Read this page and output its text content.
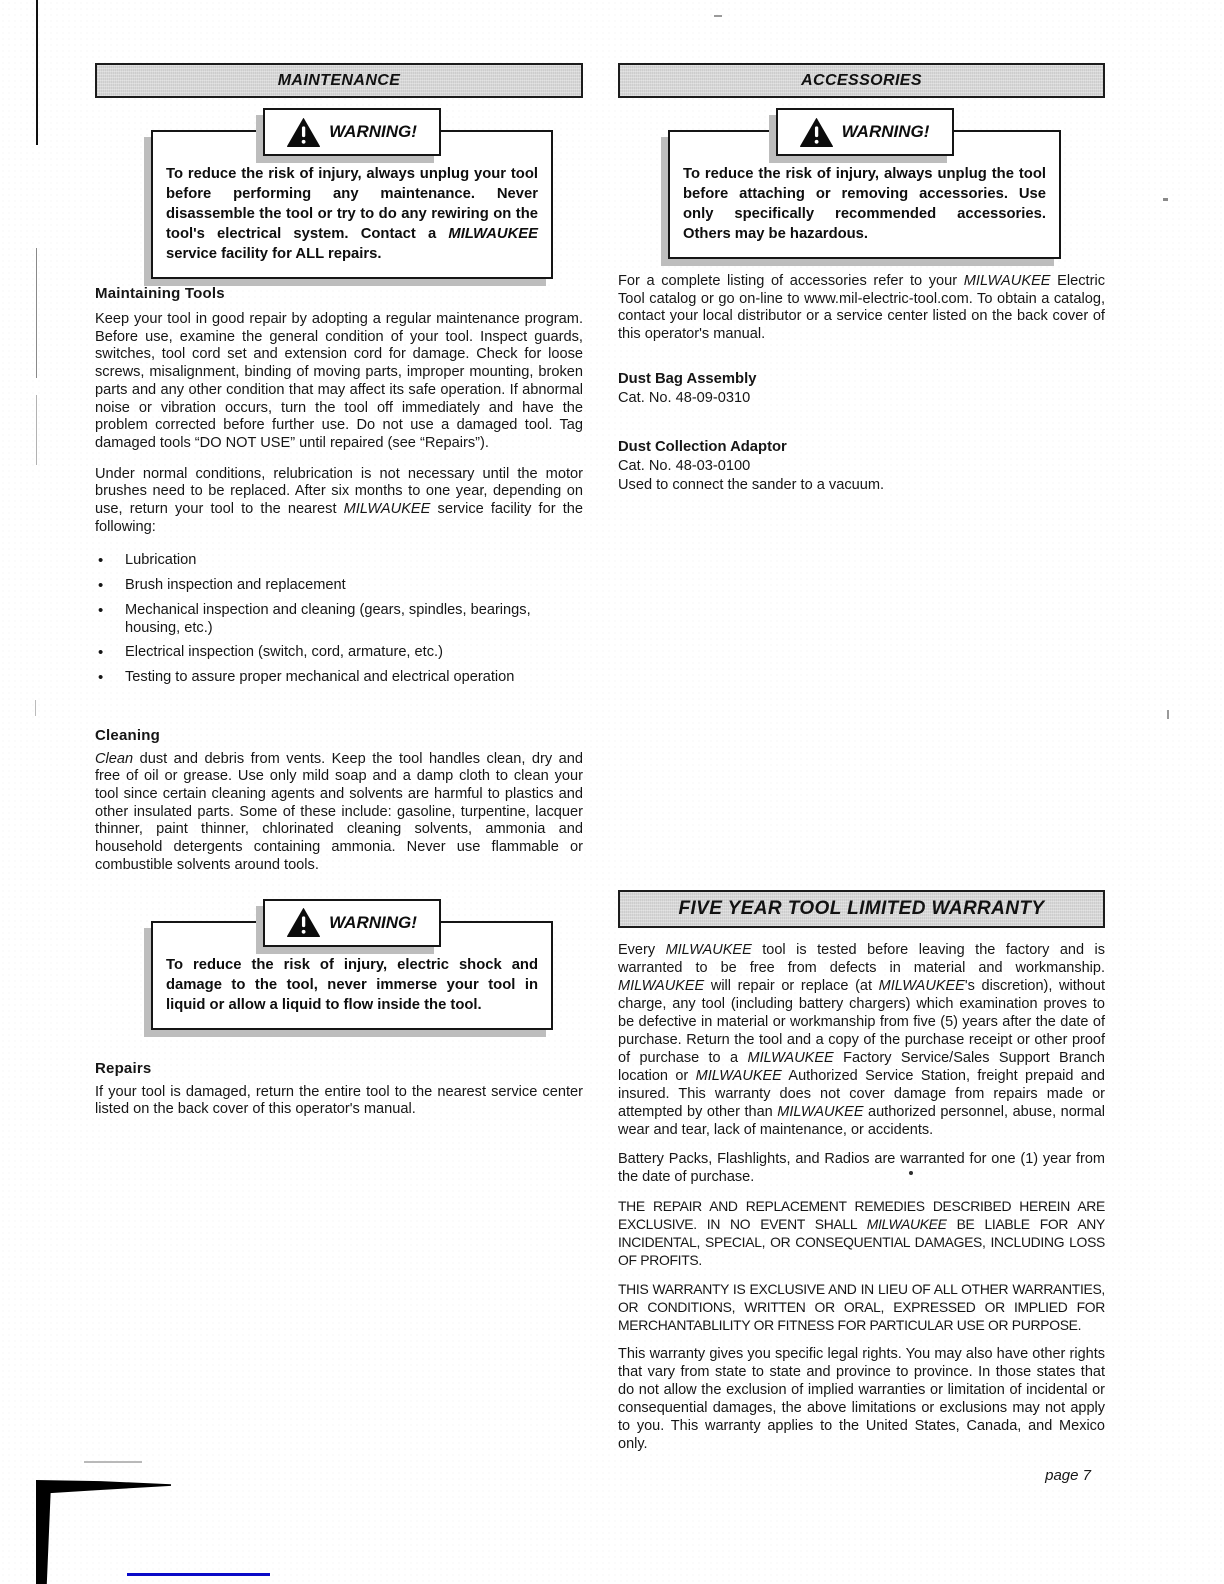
MAINTENANCE
WARNING!
To reduce the risk of injury, always unplug your tool before performing any maintenance. Never disassemble the tool or try to do any rewiring on the tool's electrical system. Contact a MILWAUKEE service facility for ALL repairs.

Maintaining Tools

Keep your tool in good repair by adopting a regular maintenance program. Before use, examine the general condition of your tool. Inspect guards, switches, tool cord set and extension cord for damage. Check for loose screws, misalignment, binding of moving parts, improper mounting, broken parts and any other condition that may affect its safe operation. If abnormal noise or vibration occurs, turn the tool off immediately and have the problem corrected before further use. Do not use a damaged tool. Tag damaged tools “DO NOT USE” until repaired (see “Repairs”).

Under normal conditions, relubrication is not necessary until the motor brushes need to be replaced. After six months to one year, depending on use, return your tool to the nearest MILWAUKEE service facility for the following:

•	Lubrication
•	Brush inspection and replacement
•	Mechanical inspection and cleaning (gears, spindles, bearings, housing, etc.)
•	Electrical inspection (switch, cord, armature, etc.)
•	Testing to assure proper mechanical and electrical operation

Cleaning

Clean dust and debris from vents. Keep the tool handles clean, dry and free of oil or grease. Use only mild soap and a damp cloth to clean your tool since certain cleaning agents and solvents are harmful to plastics and other insulated parts. Some of these include: gasoline, turpentine, lacquer thinner, paint thinner, chlorinated cleaning solvents, ammonia and household detergents containing ammonia. Never use flammable or combustible solvents around tools.

WARNING!
To reduce the risk of injury, electric shock and damage to the tool, never immerse your tool in liquid or allow a liquid to flow inside the tool.

Repairs

If your tool is damaged, return the entire tool to the nearest service center listed on the back cover of this operator's manual.

ACCESSORIES
WARNING!
To reduce the risk of injury, always unplug the tool before attaching or removing accessories. Use only specifically recommended accessories. Others may be hazardous.

For a complete listing of accessories refer to your MILWAUKEE Electric Tool catalog or go on-line to www.mil-electric-tool.com. To obtain a catalog, contact your local distributor or a service center listed on the back cover of this operator's manual.

Dust Bag Assembly
Cat. No. 48-09-0310
Dust Collection Adaptor
Cat. No. 48-03-0100
Used to connect the sander to a vacuum.
FIVE YEAR TOOL LIMITED WARRANTY

Every MILWAUKEE tool is tested before leaving the factory and is warranted to be free from defects in material and workmanship. MILWAUKEE will repair or replace (at MILWAUKEE's discretion), without charge, any tool (including battery chargers) which examination proves to be defective in material or workmanship from five (5) years after the date of purchase. Return the tool and a copy of the purchase receipt or other proof of purchase to a MILWAUKEE Factory Service/Sales Support Branch location or MILWAUKEE Authorized Service Station, freight prepaid and insured. This warranty does not cover damage from repairs made or attempted by other than MILWAUKEE authorized personnel, abuse, normal wear and tear, lack of maintenance, or accidents.

Battery Packs, Flashlights, and Radios are warranted for one (1) year from the date of purchase.

THE REPAIR AND REPLACEMENT REMEDIES DESCRIBED HEREIN ARE EXCLUSIVE. IN NO EVENT SHALL MILWAUKEE BE LIABLE FOR ANY INCIDENTAL, SPECIAL, OR CONSEQUENTIAL DAMAGES, INCLUDING LOSS OF PROFITS.

THIS WARRANTY IS EXCLUSIVE AND IN LIEU OF ALL OTHER WARRANTIES, OR CONDITIONS, WRITTEN OR ORAL, EXPRESSED OR IMPLIED FOR MERCHANTABLILITY OR FITNESS FOR PARTICULAR USE OR PURPOSE.

This warranty gives you specific legal rights. You may also have other rights that vary from state to state and province to province. In those states that do not allow the exclusion of implied warranties or limitation of incidental or consequential damages, the above limitations or exclusions may not apply to you. This warranty applies to the United States, Canada, and Mexico only.

page 7
